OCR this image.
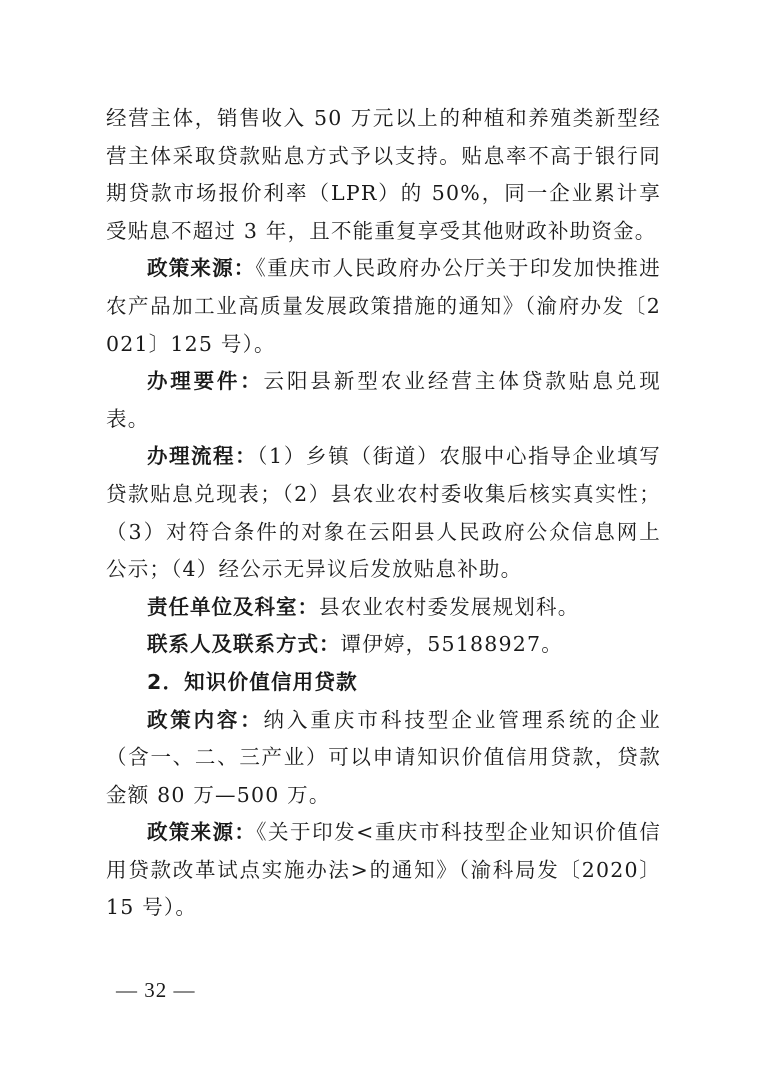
经营主体，销售收入 50 万元以上的种植和养殖类新型经营主体采取贷款贴息方式予以支持。贴息率不高于银行同期贷款市场报价利率（LPR）的 50%，同一企业累计享受贴息不超过 3 年，且不能重复享受其他财政补助资金。

政策来源：《重庆市人民政府办公厅关于印发加快推进农产品加工业高质量发展政策措施的通知》（渝府办发〔2021〕125 号）。

办理要件：云阳县新型农业经营主体贷款贴息兑现表。

办理流程：（1）乡镇（街道）农服中心指导企业填写贷款贴息兑现表；（2）县农业农村委收集后核实真实性；（3）对符合条件的对象在云阳县人民政府公众信息网上公示；（4）经公示无异议后发放贴息补助。

责任单位及科室：县农业农村委发展规划科。

联系人及联系方式：谭伊婷，55188927。

2．知识价值信用贷款

政策内容：纳入重庆市科技型企业管理系统的企业（含一、二、三产业）可以申请知识价值信用贷款，贷款金额 80 万—500 万。

政策来源：《关于印发<重庆市科技型企业知识价值信用贷款改革试点实施办法>的通知》（渝科局发〔2020〕15 号）。

— 32 —
